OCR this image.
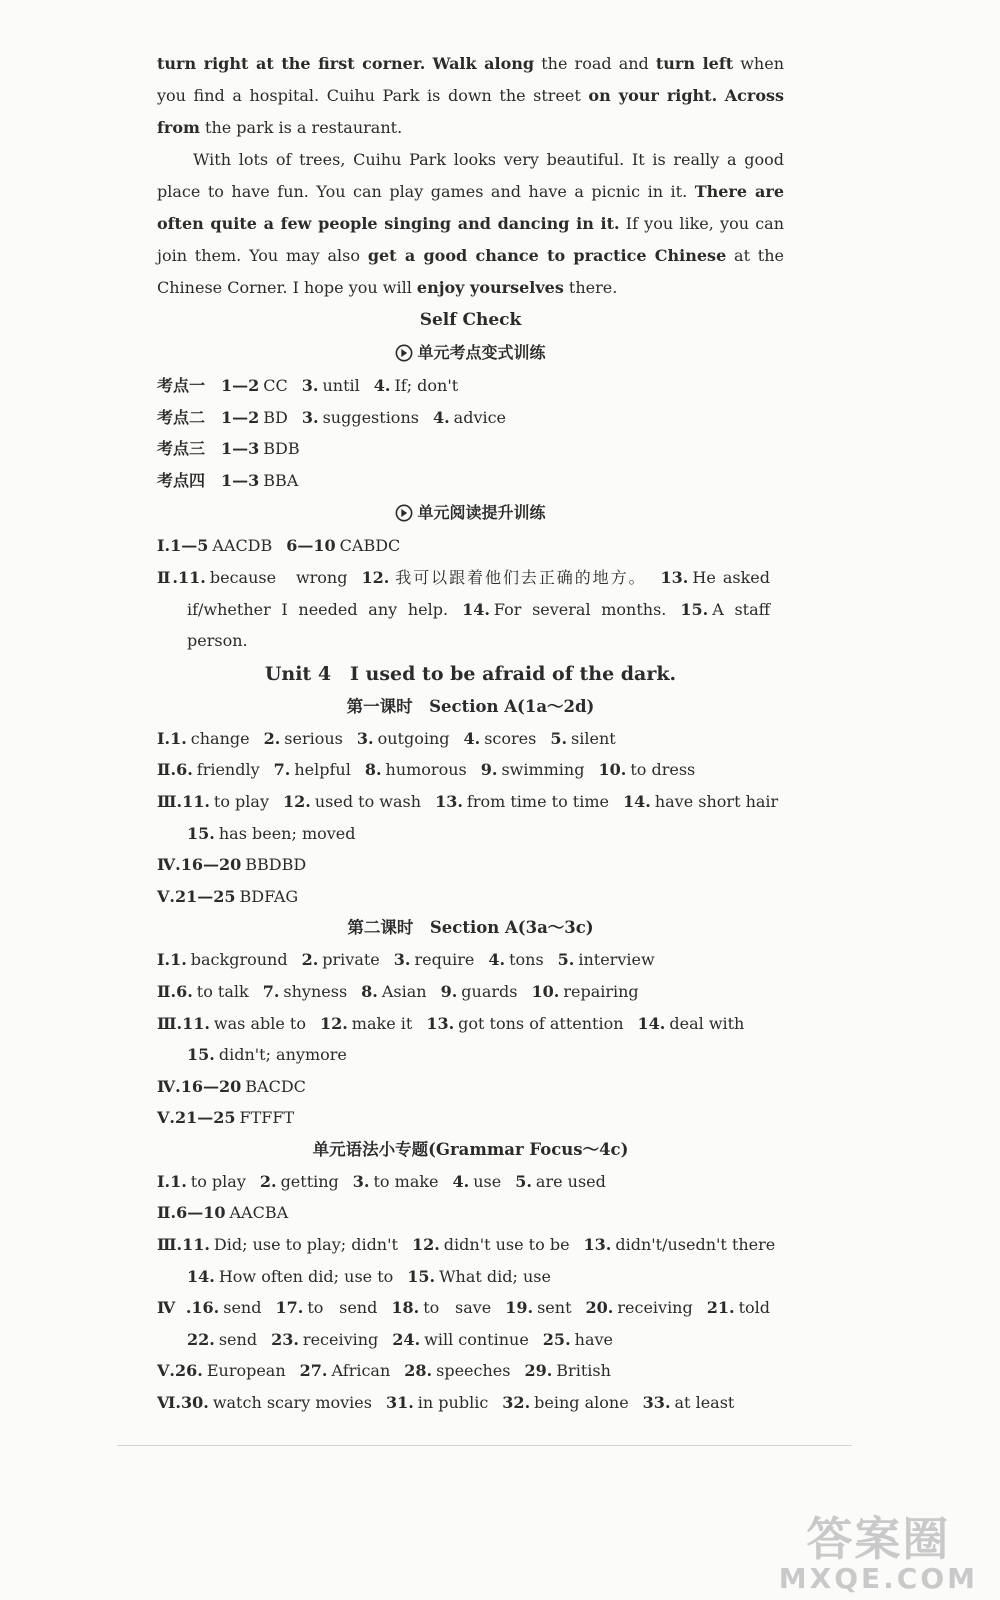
turn right at the first corner. Walk along the road and turn left when you find a hospital. Cuihu Park is down the street on your right. Across from the park is a restaurant.

With lots of trees, Cuihu Park looks very beautiful. It is really a good place to have fun. You can play games and have a picnic in it. There are often quite a few people singing and dancing in it. If you like, you can join them. You may also get a good chance to practice Chinese at the Chinese Corner. I hope you will enjoy yourselves there.

Self Check
单元考点变式训练
考点一 1—2 CC 3. until 4. If; don't
考点二 1—2 BD 3. suggestions 4. advice
考点三 1—3 BDB
考点四 1—3 BBA
单元阅读提升训练
Ⅰ.1—5 AACDB 6—10 CABDC
Ⅱ.11. because　wrong 12. 我可以跟着他们去正确的地方。 13. He asked
if/whether I needed any help. 14. For several months. 15. A staff
person.
Unit 4　I used to be afraid of the dark.
第一课时　Section A(1a～2d)
Ⅰ.1. change 2. serious 3. outgoing 4. scores 5. silent
Ⅱ.6. friendly 7. helpful 8. humorous 9. swimming 10. to dress
Ⅲ.11. to play 12. used to wash 13. from time to time 14. have short hair
15. has been; moved
Ⅳ.16—20 BBDBD
Ⅴ.21—25 BDFAG
第二课时　Section A(3a～3c)
Ⅰ.1. background 2. private 3. require 4. tons 5. interview
Ⅱ.6. to talk 7. shyness 8. Asian 9. guards 10. repairing
Ⅲ.11. was able to 12. make it 13. got tons of attention 14. deal with
15. didn't; anymore
Ⅳ.16—20 BACDC
Ⅴ.21—25 FTFFT
单元语法小专题(Grammar Focus～4c)
Ⅰ.1. to play 2. getting 3. to make 4. use 5. are used
Ⅱ.6—10 AACBA
Ⅲ.11. Did; use to play; didn't 12. didn't use to be 13. didn't/usedn't there
14. How often did; use to 15. What did; use
Ⅳ.16. send 17. to send 18. to save 19. sent 20. receiving 21. told
22. send 23. receiving 24. will continue 25. have
Ⅴ.26. European 27. African 28. speeches 29. British
Ⅵ.30. watch scary movies 31. in public 32. being alone 33. at least
答案圈
MXQE.COM
